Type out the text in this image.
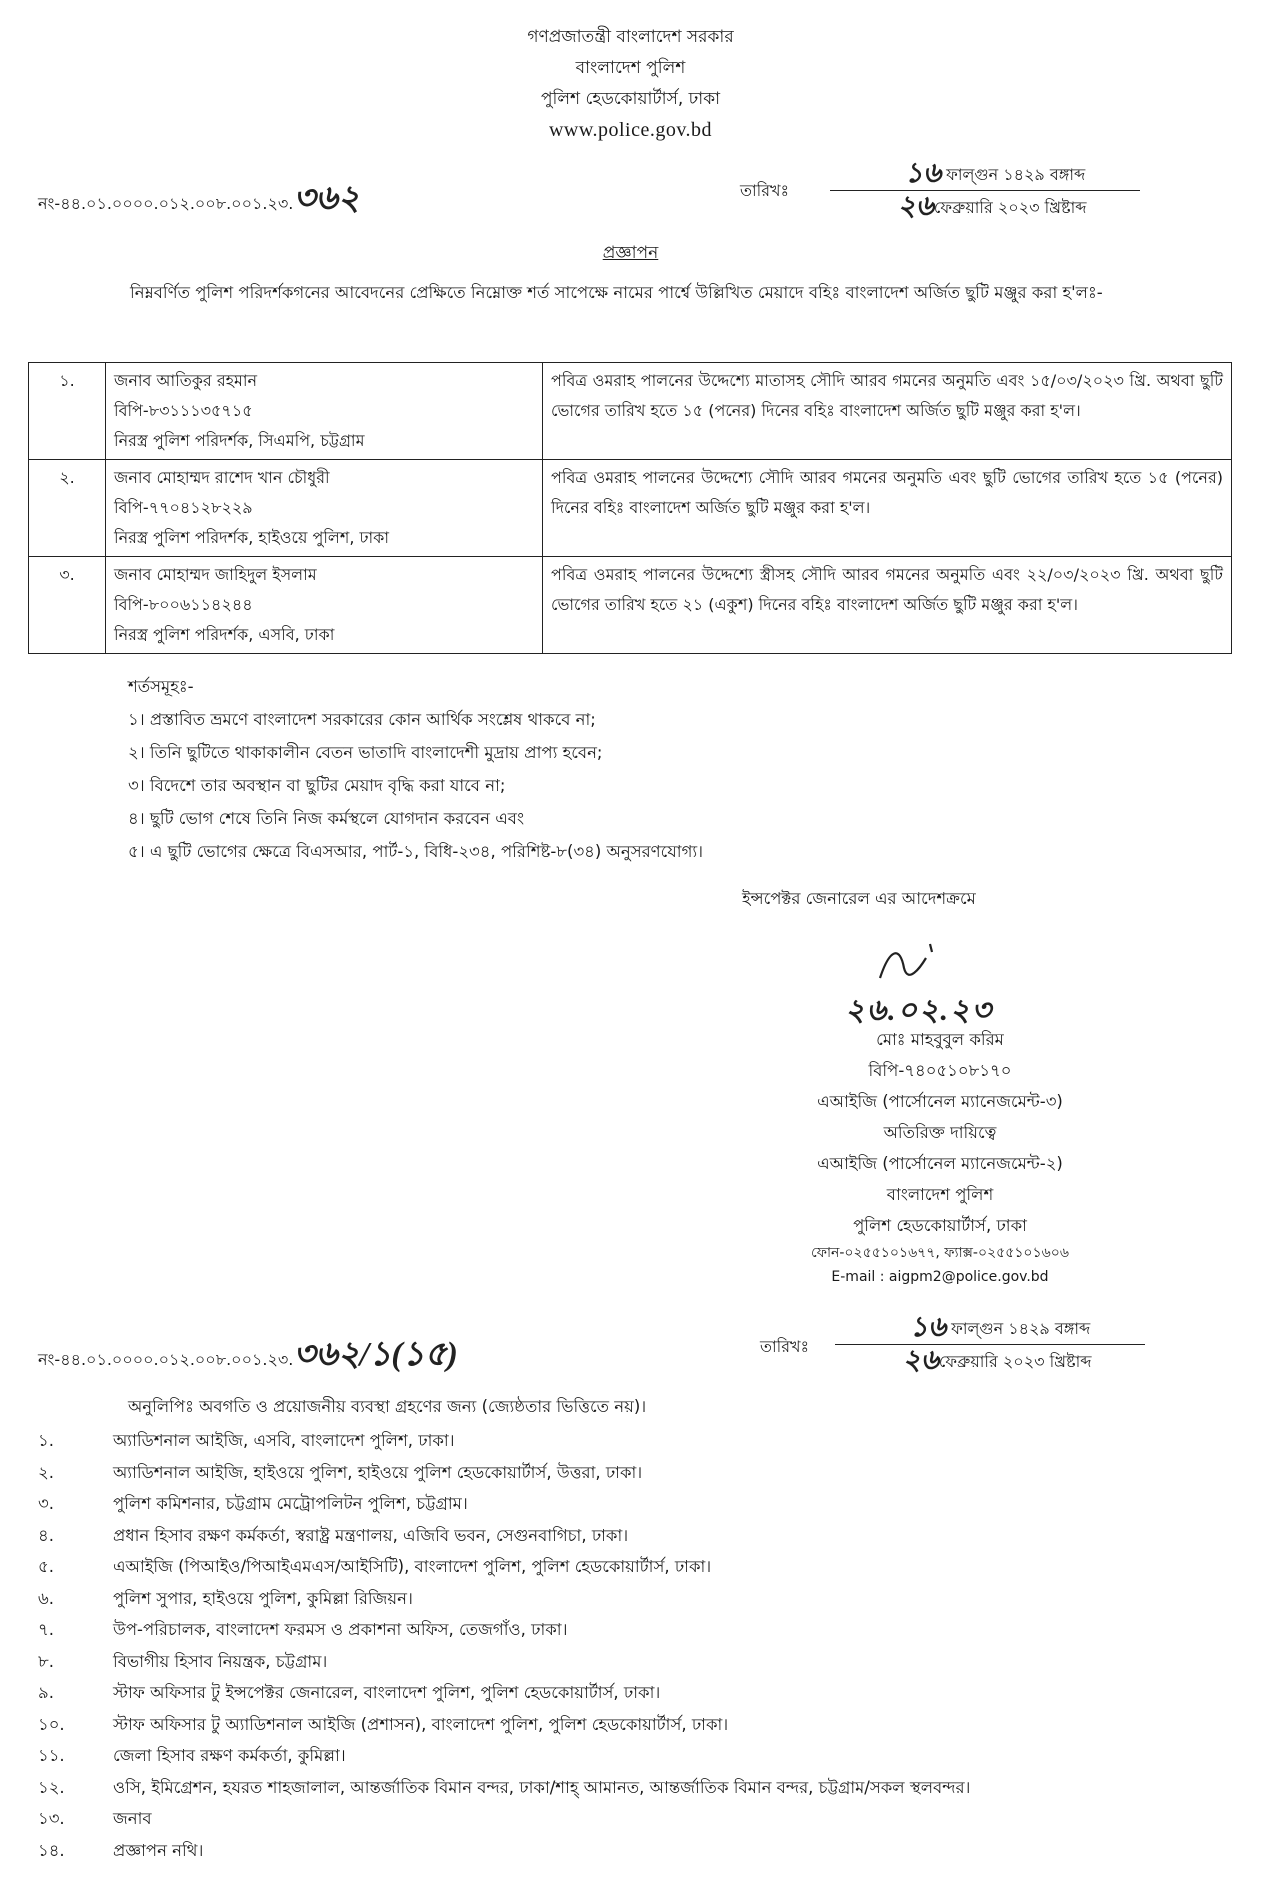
গণপ্রজাতন্ত্রী বাংলাদেশ সরকার
বাংলাদেশ পুলিশ
পুলিশ হেডকোয়ার্টার্স, ঢাকা
www.police.gov.bd
নং-৪৪.০১.০০০০.০১২.০০৮.০০১.২৩.৩৬২	তারিখঃ
১৬ ফাল্গুন ১৪২৯ বঙ্গাব্দ
২৬ফেব্রুয়ারি ২০২৩ খ্রিষ্টাব্দ
প্রজ্ঞাপন
নিম্নবর্ণিত পুলিশ পরিদর্শকগনের আবেদনের প্রেক্ষিতে নিম্নোক্ত শর্ত সাপেক্ষে নামের পার্শ্বে উল্লিখিত মেয়াদে বহিঃ বাংলাদেশ অর্জিত ছুটি মঞ্জুর করা হ'লঃ-
১.	জনাব আতিকুর রহমান
বিপি-৮৩১১১৩৫৭১৫
নিরস্ত্র পুলিশ পরিদর্শক, সিএমপি, চট্টগ্রাম	পবিত্র ওমরাহ পালনের উদ্দেশ্যে মাতাসহ সৌদি আরব গমনের অনুমতি এবং ১৫/০৩/২০২৩ খ্রি. অথবা ছুটি ভোগের তারিখ হতে ১৫ (পনের) দিনের বহিঃ বাংলাদেশ অর্জিত ছুটি মঞ্জুর করা হ'ল।
২.	জনাব মোহাম্মদ রাশেদ খান চৌধুরী
বিপি-৭৭০৪১২৮২২৯
নিরস্ত্র পুলিশ পরিদর্শক, হাইওয়ে পুলিশ, ঢাকা	পবিত্র ওমরাহ পালনের উদ্দেশ্যে সৌদি আরব গমনের অনুমতি এবং ছুটি ভোগের তারিখ হতে ১৫ (পনের) দিনের বহিঃ বাংলাদেশ অর্জিত ছুটি মঞ্জুর করা হ'ল।
৩.	জনাব মোহাম্মদ জাহিদুল ইসলাম
বিপি-৮০০৬১১৪২৪৪
নিরস্ত্র পুলিশ পরিদর্শক, এসবি, ঢাকা	পবিত্র ওমরাহ পালনের উদ্দেশ্যে স্ত্রীসহ সৌদি আরব গমনের অনুমতি এবং ২২/০৩/২০২৩ খ্রি. অথবা ছুটি ভোগের তারিখ হতে ২১ (একুশ) দিনের বহিঃ বাংলাদেশ অর্জিত ছুটি মঞ্জুর করা হ'ল।
শর্তসমূহঃ-
১। প্রস্তাবিত ভ্রমণে বাংলাদেশ সরকারের কোন আর্থিক সংশ্লেষ থাকবে না;
২। তিনি ছুটিতে থাকাকালীন বেতন ভাতাদি বাংলাদেশী মুদ্রায় প্রাপ্য হবেন;
৩। বিদেশে তার অবস্থান বা ছুটির মেয়াদ বৃদ্ধি করা যাবে না;
৪। ছুটি ভোগ শেষে তিনি নিজ কর্মস্থলে যোগদান করবেন এবং
৫। এ ছুটি ভোগের ক্ষেত্রে বিএসআর, পার্ট-১, বিধি-২৩৪, পরিশিষ্ট-৮(৩৪) অনুসরণযোগ্য।
ইন্সপেক্টর জেনারেল এর আদেশক্রমে
২৬.০২.২৩
মোঃ মাহবুবুল করিম
বিপি-৭৪০৫১০৮১৭০
এআইজি (পার্সোনেল ম্যানেজমেন্ট-৩)
অতিরিক্ত দায়িত্বে
এআইজি (পার্সোনেল ম্যানেজমেন্ট-২)
বাংলাদেশ পুলিশ
পুলিশ হেডকোয়ার্টার্স, ঢাকা
ফোন-০২৫৫১০১৬৭৭, ফ্যাক্স-০২৫৫১০১৬০৬
E-mail : aigpm2@police.gov.bd
নং-৪৪.০১.০০০০.০১২.০০৮.০০১.২৩.৩৬২/১(১৫)	তারিখঃ
১৬ ফাল্গুন ১৪২৯ বঙ্গাব্দ
২৬ফেব্রুয়ারি ২০২৩ খ্রিষ্টাব্দ
অনুলিপিঃ অবগতি ও প্রয়োজনীয় ব্যবস্থা গ্রহণের জন্য (জ্যেষ্ঠতার ভিত্তিতে নয়)।
১.	অ্যাডিশনাল আইজি, এসবি, বাংলাদেশ পুলিশ, ঢাকা।
২.	অ্যাডিশনাল আইজি, হাইওয়ে পুলিশ, হাইওয়ে পুলিশ হেডকোয়ার্টার্স, উত্তরা, ঢাকা।
৩.	পুলিশ কমিশনার, চট্টগ্রাম মেট্রোপলিটন পুলিশ, চট্টগ্রাম।
৪.	প্রধান হিসাব রক্ষণ কর্মকর্তা, স্বরাষ্ট্র মন্ত্রণালয়, এজিবি ভবন, সেগুনবাগিচা, ঢাকা।
৫.	এআইজি (পিআইও/পিআইএমএস/আইসিটি), বাংলাদেশ পুলিশ, পুলিশ হেডকোয়ার্টার্স, ঢাকা।
৬.	পুলিশ সুপার, হাইওয়ে পুলিশ, কুমিল্লা রিজিয়ন।
৭.	উপ-পরিচালক, বাংলাদেশ ফরমস ও প্রকাশনা অফিস, তেজগাঁও, ঢাকা।
৮.	বিভাগীয় হিসাব নিয়ন্ত্রক, চট্টগ্রাম।
৯.	স্টাফ অফিসার টু ইন্সপেক্টর জেনারেল, বাংলাদেশ পুলিশ, পুলিশ হেডকোয়ার্টার্স, ঢাকা।
১০.	স্টাফ অফিসার টু অ্যাডিশনাল আইজি (প্রশাসন), বাংলাদেশ পুলিশ, পুলিশ হেডকোয়ার্টার্স, ঢাকা।
১১.	জেলা হিসাব রক্ষণ কর্মকর্তা, কুমিল্লা।
১২.	ওসি, ইমিগ্রেশন, হযরত শাহজালাল, আন্তর্জাতিক বিমান বন্দর, ঢাকা/শাহ্ আমানত, আন্তর্জাতিক বিমান বন্দর, চট্টগ্রাম/সকল স্থলবন্দর।
১৩.	জনাব
১৪.	প্রজ্ঞাপন নথি।
